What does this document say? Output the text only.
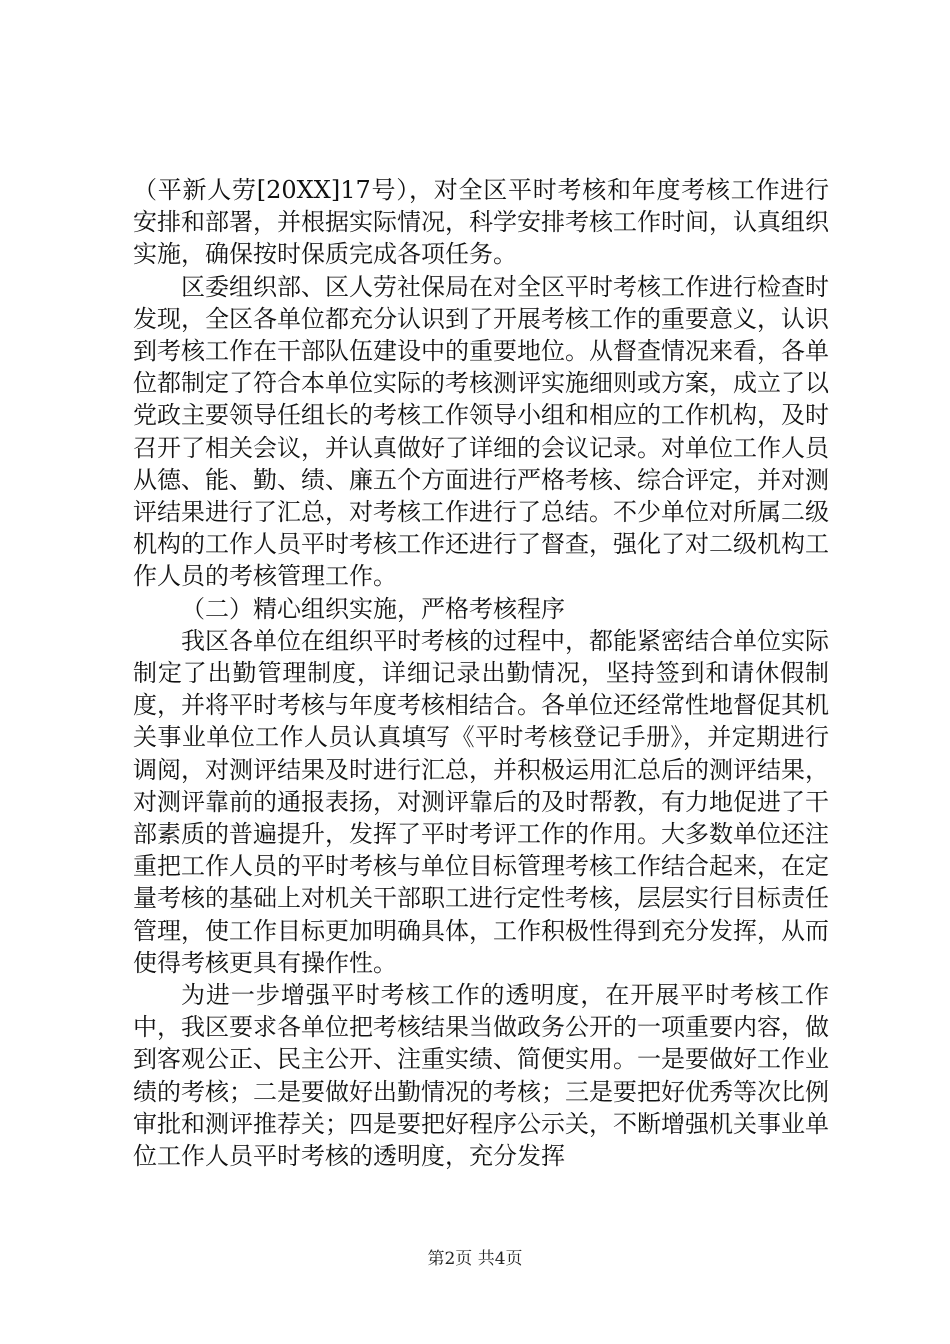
（平新人劳[20XX]17号），对全区平时考核和年度考核工作进行安排和部署，并根据实际情况，科学安排考核工作时间，认真组织实施，确保按时保质完成各项任务。

区委组织部、区人劳社保局在对全区平时考核工作进行检查时发现，全区各单位都充分认识到了开展考核工作的重要意义，认识到考核工作在干部队伍建设中的重要地位。从督查情况来看，各单位都制定了符合本单位实际的考核测评实施细则或方案，成立了以党政主要领导任组长的考核工作领导小组和相应的工作机构，及时召开了相关会议，并认真做好了详细的会议记录。对单位工作人员从德、能、勤、绩、廉五个方面进行严格考核、综合评定，并对测评结果进行了汇总，对考核工作进行了总结。不少单位对所属二级机构的工作人员平时考核工作还进行了督查，强化了对二级机构工作人员的考核管理工作。

（二）精心组织实施，严格考核程序

我区各单位在组织平时考核的过程中，都能紧密结合单位实际制定了出勤管理制度，详细记录出勤情况，坚持签到和请休假制度，并将平时考核与年度考核相结合。各单位还经常性地督促其机关事业单位工作人员认真填写《平时考核登记手册》，并定期进行调阅，对测评结果及时进行汇总，并积极运用汇总后的测评结果，对测评靠前的通报表扬，对测评靠后的及时帮教，有力地促进了干部素质的普遍提升，发挥了平时考评工作的作用。大多数单位还注重把工作人员的平时考核与单位目标管理考核工作结合起来，在定量考核的基础上对机关干部职工进行定性考核，层层实行目标责任管理，使工作目标更加明确具体，工作积极性得到充分发挥，从而使得考核更具有操作性。

为进一步增强平时考核工作的透明度，在开展平时考核工作中，我区要求各单位把考核结果当做政务公开的一项重要内容，做到客观公正、民主公开、注重实绩、简便实用。一是要做好工作业绩的考核；二是要做好出勤情况的考核；三是要把好优秀等次比例审批和测评推荐关；四是要把好程序公示关，不断增强机关事业单位工作人员平时考核的透明度，充分发挥

第2页 共4页
